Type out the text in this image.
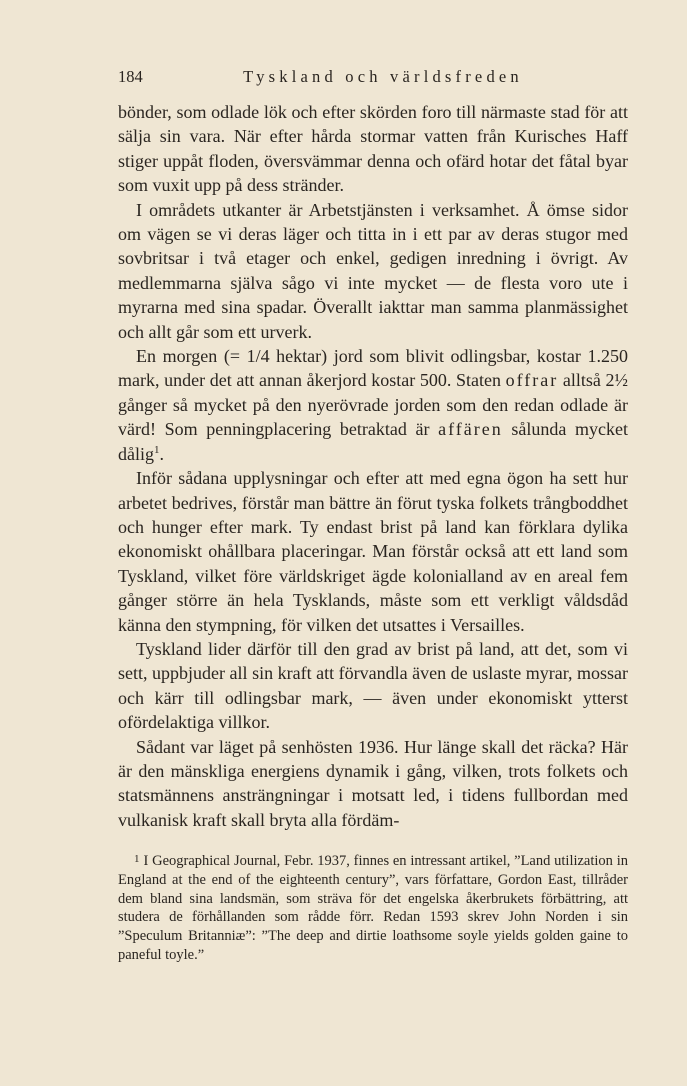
184	Tyskland och världsfreden

bönder, som odlade lök och efter skörden foro till närmaste stad för att sälja sin vara. När efter hårda stormar vatten från Kurisches Haff stiger uppåt floden, översvämmar denna och ofärd hotar det fåtal byar som vuxit upp på dess stränder.

I områdets utkanter är Arbetstjänsten i verksamhet. Å ömse sidor om vägen se vi deras läger och titta in i ett par av deras stugor med sovbritsar i två etager och enkel, gedigen inredning i övrigt. Av medlemmarna själva sågo vi inte mycket — de flesta voro ute i myrarna med sina spadar. Överallt iakttar man samma planmässighet och allt går som ett urverk.

En morgen (= 1/4 hektar) jord som blivit odlingsbar, kostar 1.250 mark, under det att annan åkerjord kostar 500. Staten offrar alltså 2½ gånger så mycket på den nyerövrade jorden som den redan odlade är värd! Som penningplacering betraktad är affären sålunda mycket dålig$^1$.

Inför sådana upplysningar och efter att med egna ögon ha sett hur arbetet bedrives, förstår man bättre än förut tyska folkets trångboddhet och hunger efter mark. Ty endast brist på land kan förklara dylika ekonomiskt ohållbara placeringar. Man förstår också att ett land som Tyskland, vilket före världskriget ägde kolonialland av en areal fem gånger större än hela Tysklands, måste som ett verkligt våldsdåd känna den stympning, för vilken det utsattes i Versailles.

Tyskland lider därför till den grad av brist på land, att det, som vi sett, uppbjuder all sin kraft att förvandla även de uslaste myrar, mossar och kärr till odlingsbar mark, — även under ekonomiskt ytterst ofördelaktiga villkor.

Sådant var läget på senhösten 1936. Hur länge skall det räcka? Här är den mänskliga energiens dynamik i gång, vilken, trots folkets och statsmännens ansträngningar i motsatt led, i tidens fullbordan med vulkanisk kraft skall bryta alla fördäm-

$^1$ I Geographical Journal, Febr. 1937, finnes en intressant artikel, ”Land utilization in England at the end of the eighteenth century”, vars författare, Gordon East, tillråder dem bland sina landsmän, som sträva för det engelska åkerbrukets förbättring, att studera de förhållanden som rådde förr. Redan 1593 skrev John Norden i sin ”Speculum Britanniæ”: ”The deep and dirtie loathsome soyle yields golden gaine to paneful toyle.”
